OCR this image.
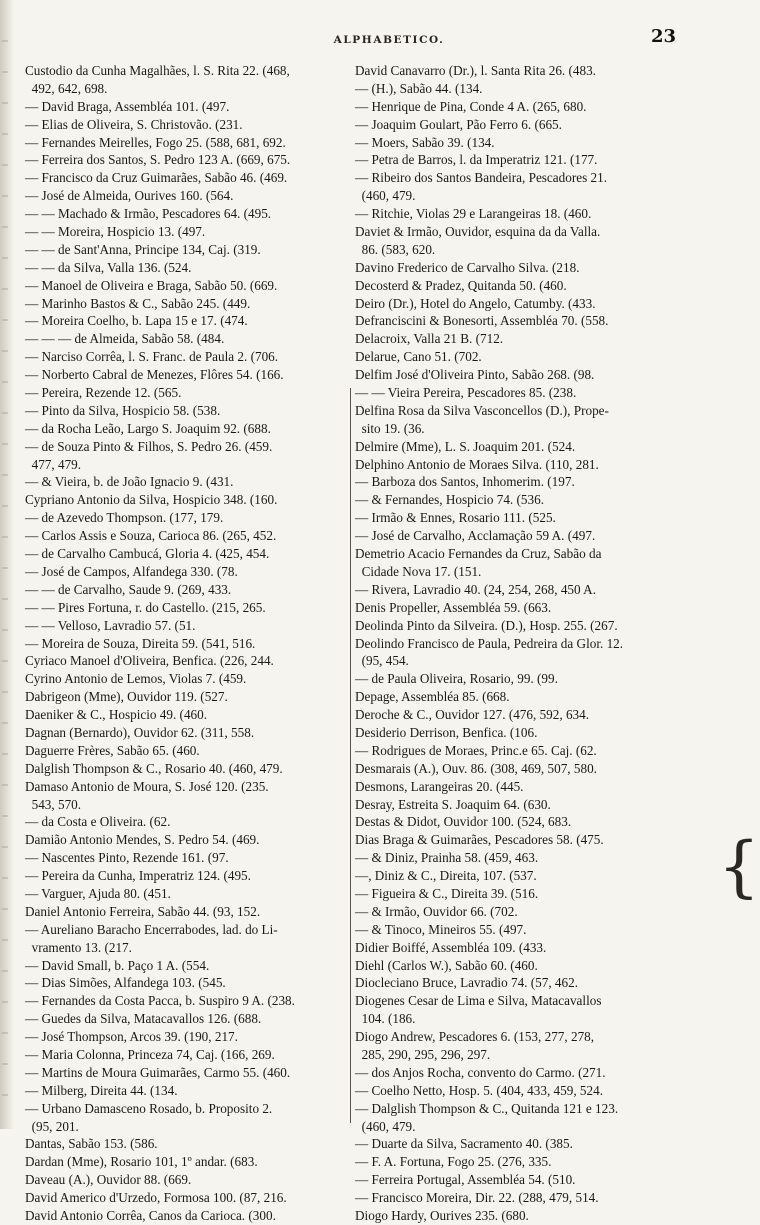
ALPHABETICO.	23
Custodio da Cunha Magalhães, l. S. Rita 22. (468,
492, 642, 698.
— David Braga, Assembléa 101. (497.
— Elias de Oliveira, S. Christovão. (231.
— Fernandes Meirelles, Fogo 25. (588, 681, 692.
— Ferreira dos Santos, S. Pedro 123 A. (669, 675.
— Francisco da Cruz Guimarães, Sabão 46. (469.
— José de Almeida, Ourives 160. (564.
— — Machado & Irmão, Pescadores 64. (495.
— — Moreira, Hospicio 13. (497.
— — de Sant'Anna, Principe 134, Caj. (319.
— — da Silva, Valla 136. (524.
— Manoel de Oliveira e Braga, Sabão 50. (669.
— Marinho Bastos & C., Sabão 245. (449.
— Moreira Coelho, b. Lapa 15 e 17. (474.
— — — de Almeida, Sabão 58. (484.
— Narciso Corrêa, l. S. Franc. de Paula 2. (706.
— Norberto Cabral de Menezes, Flôres 54. (166.
— Pereira, Rezende 12. (565.
— Pinto da Silva, Hospicio 58. (538.
— da Rocha Leão, Largo S. Joaquim 92. (688.
— de Souza Pinto & Filhos, S. Pedro 26. (459.
477, 479.
— & Vieira, b. de João Ignacio 9. (431.
Cypriano Antonio da Silva, Hospicio 348. (160.
— de Azevedo Thompson. (177, 179.
— Carlos Assis e Souza, Carioca 86. (265, 452.
— de Carvalho Cambucá, Gloria 4. (425, 454.
— José de Campos, Alfandega 330. (78.
— — de Carvalho, Saude 9. (269, 433.
— — Pires Fortuna, r. do Castello. (215, 265.
— — Velloso, Lavradio 57. (51.
— Moreira de Souza, Direita 59. (541, 516.
Cyriaco Manoel d'Oliveira, Benfica. (226, 244.
Cyrino Antonio de Lemos, Violas 7. (459.
Dabrigeon (Mme), Ouvidor 119. (527.
Daeniker & C., Hospicio 49. (460.
Dagnan (Bernardo), Ouvidor 62. (311, 558.
Daguerre Frères, Sabão 65. (460.
Dalglish Thompson & C., Rosario 40. (460, 479.
Damaso Antonio de Moura, S. José 120. (235.
543, 570.
— da Costa e Oliveira. (62.
Damião Antonio Mendes, S. Pedro 54. (469.
— Nascentes Pinto, Rezende 161. (97.
— Pereira da Cunha, Imperatriz 124. (495.
— Varguer, Ajuda 80. (451.
Daniel Antonio Ferreira, Sabão 44. (93, 152.
— Aureliano Baracho Encerrabodes, lad. do Li-
vramento 13. (217.
— David Small, b. Paço 1 A. (554.
— Dias Simões, Alfandega 103. (545.
— Fernandes da Costa Pacca, b. Suspiro 9 A. (238.
— Guedes da Silva, Matacavallos 126. (688.
— José Thompson, Arcos 39. (190, 217.
— Maria Colonna, Princeza 74, Caj. (166, 269.
— Martins de Moura Guimarães, Carmo 55. (460.
— Milberg, Direita 44. (134.
— Urbano Damasceno Rosado, b. Proposito 2.
(95, 201.
Dantas, Sabão 153. (586.
Dardan (Mme), Rosario 101, 1º andar. (683.
Daveau (A.), Ouvidor 88. (669.
David Americo d'Urzedo, Formosa 100. (87, 216.
David Antonio Corrêa, Canos da Carioca. (300.
David Canavarro (Dr.), l. Santa Rita 26. (483.
— (H.), Sabão 44. (134.
— Henrique de Pina, Conde 4 A. (265, 680.
— Joaquim Goulart, Pão Ferro 6. (665.
— Moers, Sabão 39. (134.
— Petra de Barros, l. da Imperatriz 121. (177.
— Ribeiro dos Santos Bandeira, Pescadores 21.
(460, 479.
— Ritchie, Violas 29 e Larangeiras 18. (460.
Daviet & Irmão, Ouvidor, esquina da da Valla.
86. (583, 620.
Davino Frederico de Carvalho Silva. (218.
Decosterd & Pradez, Quitanda 50. (460.
Deiro (Dr.), Hotel do Angelo, Catumby. (433.
Defranciscini & Bonesorti, Assembléa 70. (558.
Delacroix, Valla 21 B. (712.
Delarue, Cano 51. (702.
Delfim José d'Oliveira Pinto, Sabão 268. (98.
— — Vieira Pereira, Pescadores 85. (238.
Delfina Rosa da Silva Vasconcellos (D.), Prope-
sito 19. (36.
Delmire (Mme), L. S. Joaquim 201. (524.
Delphino Antonio de Moraes Silva. (110, 281.
— Barboza dos Santos, Inhomerim. (197.
— & Fernandes, Hospicio 74. (536.
— Irmão & Ennes, Rosario 111. (525.
— José de Carvalho, Acclamação 59 A. (497.
Demetrio Acacio Fernandes da Cruz, Sabão da
Cidade Nova 17. (151.
— Rivera, Lavradio 40. (24, 254, 268, 450 A.
Denis Propeller, Assembléa 59. (663.
Deolinda Pinto da Silveira. (D.), Hosp. 255. (267.
Deolindo Francisco de Paula, Pedreira da Glor. 12.
(95, 454.
— de Paula Oliveira, Rosario, 99. (99.
Depage, Assembléa 85. (668.
Deroche & C., Ouvidor 127. (476, 592, 634.
Desiderio Derrison, Benfica. (106.
— Rodrigues de Moraes, Princ.e 65. Caj. (62.
Desmarais (A.), Ouv. 86. (308, 469, 507, 580.
Desmons, Larangeiras 20. (445.
Desray, Estreita S. Joaquim 64. (630.
Destas & Didot, Ouvidor 100. (524, 683.
Dias Braga & Guimarães, Pescadores 58. (475.
— & Diniz, Prainha 58. (459, 463.
—, Diniz & C., Direita, 107. (537.
— Figueira & C., Direita 39. (516.
— & Irmão, Ouvidor 66. (702.
— & Tinoco, Mineiros 55. (497.
Didier Boiffé, Assembléa 109. (433.
Diehl (Carlos W.), Sabão 60. (460.
Diocleciano Bruce, Lavradio 74. (57, 462.
Diogenes Cesar de Lima e Silva, Matacavallos
104. (186.
Diogo Andrew, Pescadores 6. (153, 277, 278,
285, 290, 295, 296, 297.
— dos Anjos Rocha, convento do Carmo. (271.
— Coelho Netto, Hosp. 5. (404, 433, 459, 524.
— Dalglish Thompson & C., Quitanda 121 e 123.
(460, 479.
— Duarte da Silva, Sacramento 40. (385.
— F. A. Fortuna, Fogo 25. (276, 335.
— Ferreira Portugal, Assembléa 54. (510.
— Francisco Moreira, Dir. 22. (288, 479, 514.
Diogo Hardy, Ourives 235. (680.
{
